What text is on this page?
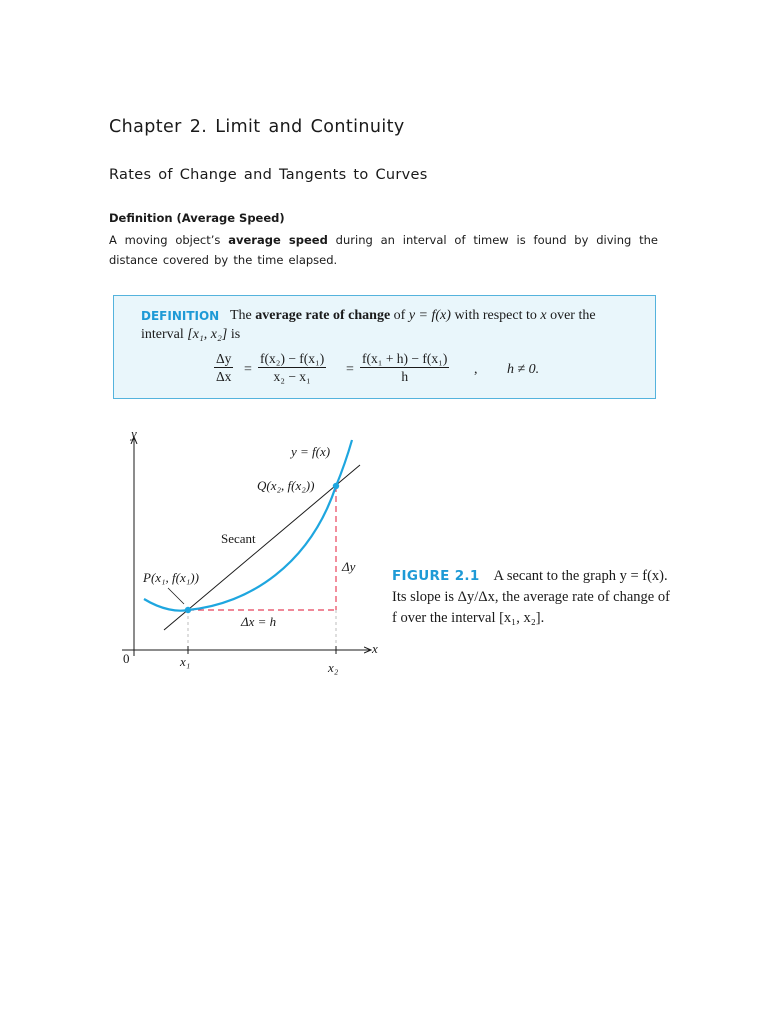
Chapter 2. Limit and Continuity
Rates of Change and Tangents to Curves
Definition (Average Speed)

A moving object’s average speed during an interval of timew is found by diving the distance covered by the time elapsed.

DEFINITION The average rate of change of y = f(x) with respect to x over the
interval [x₁, x₂] is
$\frac{\Delta y}{\Delta x} = \frac{\text{f(x₂) − f(x₁)}}{\text{x₂ − x₁}} = \frac{\text{f(x₁ + h) − f(x₁)}}{h}$ , h ≠ 0.
y
x
0	x₁	x₂
y = f(x)
Q(x₂, f(x₂))
Secant
Δy
P(x₁, f(x₁))
Δx = h
FIGURE 2.1 A secant to the graph y = f(x). Its slope is Δy/Δx, the average rate of change of f over the interval [x₁, x₂].
